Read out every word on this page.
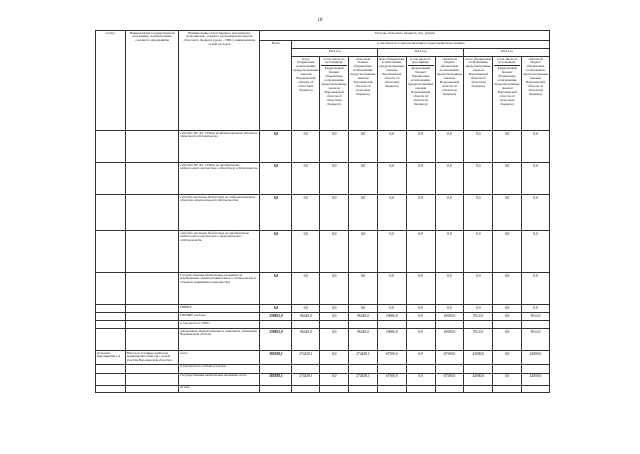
18
Статус	Наименование государственной программы, подпрограммы, основного мероприятия	Наименование ответственного исполнителя, исполнителя - главного распорядителя средств областного бюджета (далее - ГРБС), наименование статей расходов	Расходы областного бюджета, тыс. рублей									
			Всего	в том числе по годам реализации государственной программы								
				2014 год			2015 год			2016 год		
				всего (бюджетные ассигнования, предусмотренные законом Воронежской области об областном бюджете)	в том числе по источникам:
федеральный бюджет (бюджетные ассигнования, предусмотренные законом Воронежской области об областном бюджете)	областной бюджет (бюджетные ассигнования, предусмотренные законом Воронежской области об областном бюджете)	всего (бюджетные ассигнования, предусмотренные законом Воронежской области об областном бюджете)	в том числе по источникам:
федеральный бюджет (бюджетные ассигнования, предусмотренные законом Воронежской области об областном бюджете)	областной бюджет (бюджетные ассигнования, предусмотренные законом Воронежской области об областном бюджете)	всего (бюджетные ассигнования, предусмотренные законом Воронежской области об областном бюджете)	в том числе по источникам:
федеральный бюджет (бюджетные ассигнования, предусмотренные законом Воронежской области об областном бюджете)	областной бюджет (бюджетные ассигнования, предусмотренные законом Воронежской области об областном бюджете)
		субсидии БУ, АУ, ГУПам на финансирование объектов областной собственности	0,0	0,0	0,0	0,0	0,0	0,0	0,0	0,0	0,0	0,0
		субсидии БУ, АУ, ГУПам на приобретение недвижимого имущества в областную собственность	0,0	0,0	0,0	0,0	0,0	0,0	0,0	0,0	0,0	0,0
		субсидии местным бюджетам на софинансирование объектов муниципальной собственности	0,0	0,0	0,0	0,0	0,0	0,0	0,0	0,0	0,0	0,0
		субсидии местным бюджетам на приобретение недвижимого имущества в муниципальную собственность	0,0	0,0	0,0	0,0	0,0	0,0	0,0	0,0	0,0	0,0
		Государственные капитальные вложения (за исключением объектов капитального строительства и объектов недвижимого имущества)	0,0	0,0	0,0	0,0	0,0	0,0	0,0	0,0	0,0	0,0
		НИОКР	0,0	0,0	0,0	0,0	0,0	0,0	0,0	0,0	0,0	0,0
		ПРОЧИЕ расходы	150852,0	96340,0	0,0	96340,0	10000,0	0,0	10000,0	9512,0	0,0	9512,0
		в том числе по ГРБС:										
		департамент имущественных и земельных отношений Воронежской области	150852,0	96340,0	0,0	96340,0	10000,0	0,0	10000,0	9512,0	0,0	9512,0
Основное мероприятие 1.4	Взносы в уставные капиталы акционерных обществ с долей участия Воронежской области в	всего	383938,1	274438,1	0,0	274438,1	67500,0	0,0	67500,0	42000,0	0,0	42000,0
		в том числе по статьям расходов										
		Государственные капитальные вложения, всего	383938,1	274438,1	0,0	274438,1	67500,0	0,0	67500,0	42000,0	0,0	42000,0
		из них										
